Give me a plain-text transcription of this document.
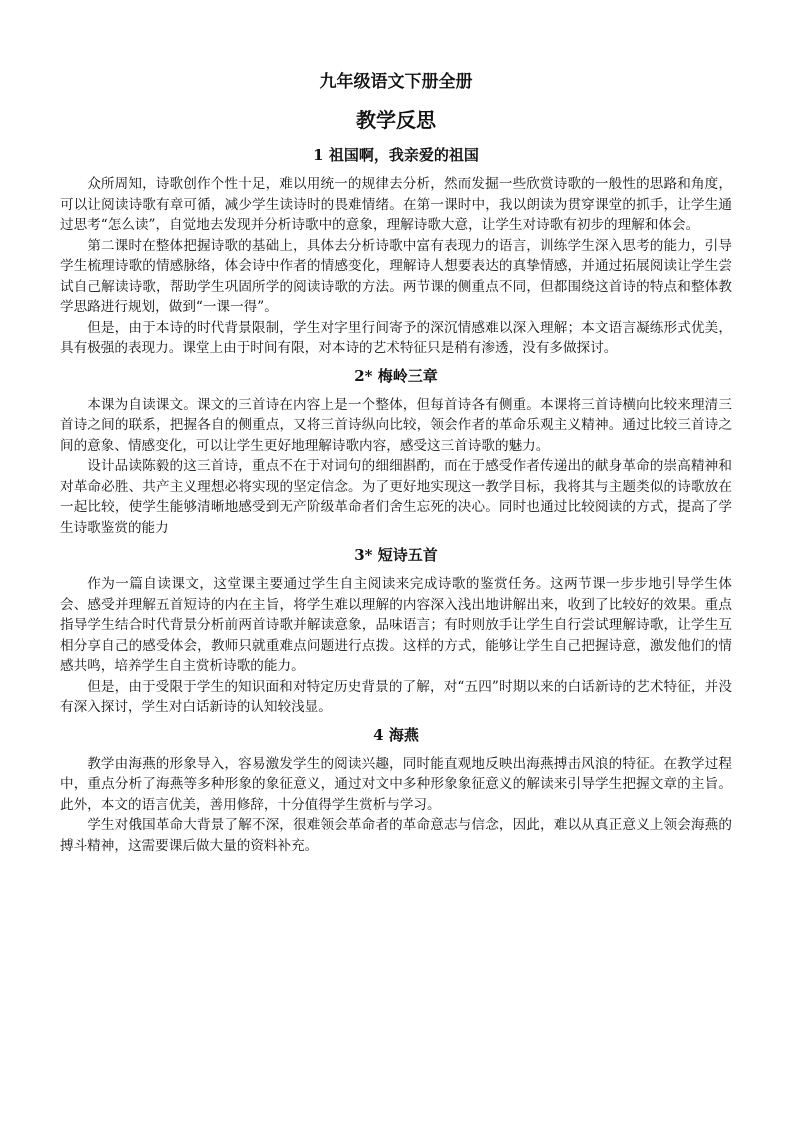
九年级语文下册全册
教学反思
1 祖国啊，我亲爱的祖国

众所周知，诗歌创作个性十足，难以用统一的规律去分析，然而发掘一些欣赏诗歌的一般性的思路和角度，可以让阅读诗歌有章可循，减少学生读诗时的畏难情绪。在第一课时中，我以朗读为贯穿课堂的抓手，让学生通过思考“怎么读”，自觉地去发现并分析诗歌中的意象，理解诗歌大意，让学生对诗歌有初步的理解和体会。

第二课时在整体把握诗歌的基础上，具体去分析诗歌中富有表现力的语言，训练学生深入思考的能力，引导学生梳理诗歌的情感脉络，体会诗中作者的情感变化，理解诗人想要表达的真挚情感，并通过拓展阅读让学生尝试自己解读诗歌，帮助学生巩固所学的阅读诗歌的方法。两节课的侧重点不同，但都围绕这首诗的特点和整体教学思路进行规划，做到“一课一得”。

但是，由于本诗的时代背景限制，学生对字里行间寄予的深沉情感难以深入理解；本文语言凝练形式优美，具有极强的表现力。课堂上由于时间有限，对本诗的艺术特征只是稍有渗透，没有多做探讨。

2* 梅岭三章

本课为自读课文。课文的三首诗在内容上是一个整体，但每首诗各有侧重。本课将三首诗横向比较来理清三首诗之间的联系，把握各自的侧重点，又将三首诗纵向比较，领会作者的革命乐观主义精神。通过比较三首诗之间的意象、情感变化，可以让学生更好地理解诗歌内容，感受这三首诗歌的魅力。

设计品读陈毅的这三首诗，重点不在于对词句的细细斟酌，而在于感受作者传递出的献身革命的崇高精神和对革命必胜、共产主义理想必将实现的坚定信念。为了更好地实现这一教学目标，我将其与主题类似的诗歌放在一起比较，使学生能够清晰地感受到无产阶级革命者们舍生忘死的决心。同时也通过比较阅读的方式，提高了学生诗歌鉴赏的能力

3* 短诗五首

作为一篇自读课文，这堂课主要通过学生自主阅读来完成诗歌的鉴赏任务。这两节课一步步地引导学生体会、感受并理解五首短诗的内在主旨，将学生难以理解的内容深入浅出地讲解出来，收到了比较好的效果。重点指导学生结合时代背景分析前两首诗歌并解读意象，品味语言；有时则放手让学生自行尝试理解诗歌，让学生互相分享自己的感受体会，教师只就重难点问题进行点拨。这样的方式，能够让学生自己把握诗意，激发他们的情感共鸣，培养学生自主赏析诗歌的能力。

但是，由于受限于学生的知识面和对特定历史背景的了解，对“五四”时期以来的白话新诗的艺术特征，并没有深入探讨，学生对白话新诗的认知较浅显。

4 海燕

教学由海燕的形象导入，容易激发学生的阅读兴趣，同时能直观地反映出海燕搏击风浪的特征。在教学过程中，重点分析了海燕等多种形象的象征意义，通过对文中多种形象象征意义的解读来引导学生把握文章的主旨。此外，本文的语言优美，善用修辞，十分值得学生赏析与学习。

学生对俄国革命大背景了解不深，很难领会革命者的革命意志与信念，因此，难以从真正意义上领会海燕的搏斗精神，这需要课后做大量的资料补充。
